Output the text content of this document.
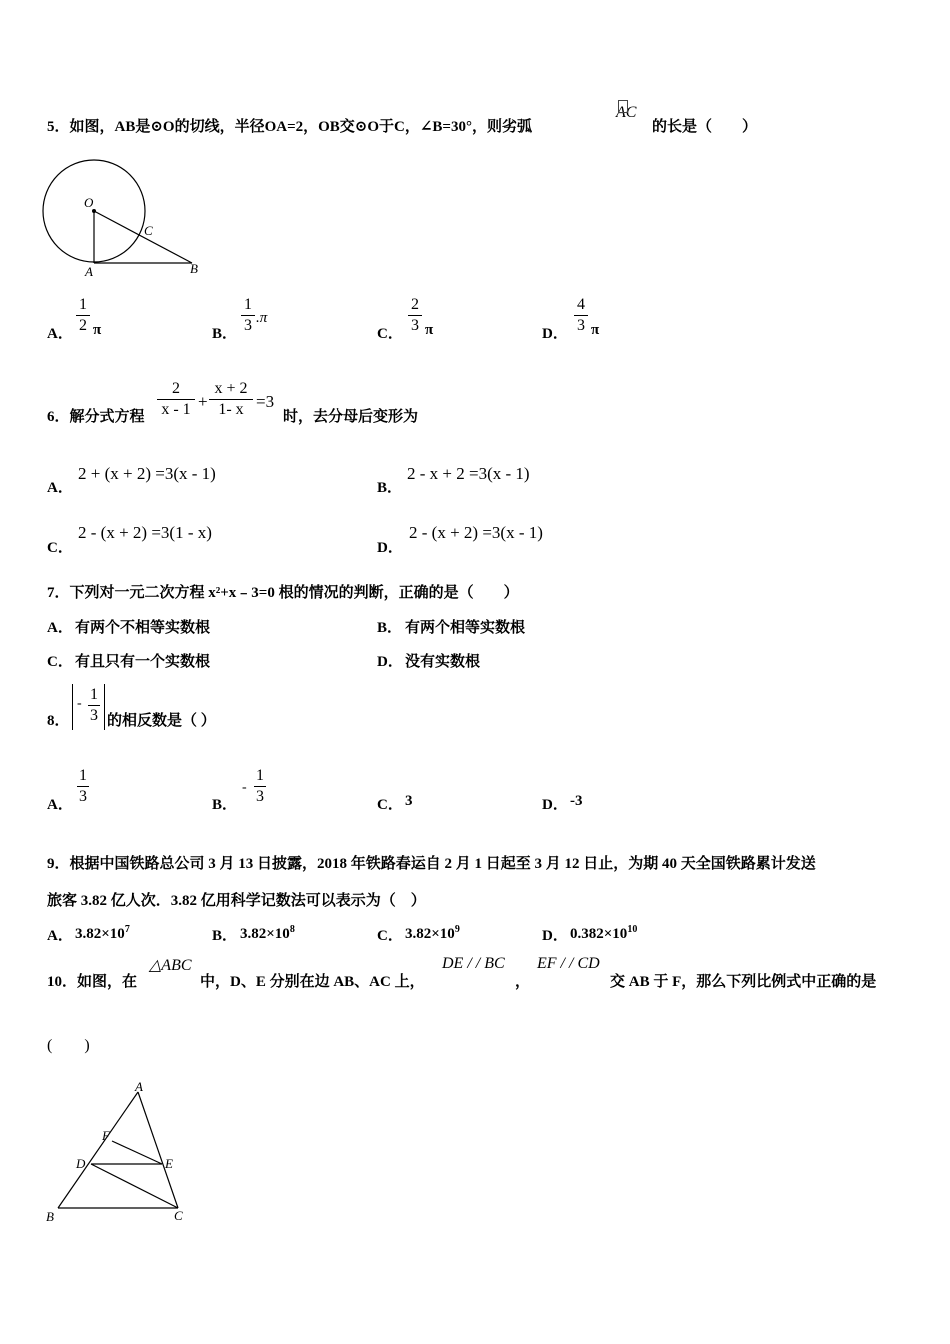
5．如图，AB是⊙O的切线，半径OA=2，OB交⊙O于C，∠B=30°，则劣弧
AC
的长是（　　）
O
C
A	B
A．
1
2 π	B．
1
3 .π
C．
2
3 π	D．
4
3 π
6．解分式方程
2
x - 1 +
x + 2
1- x =3
时，去分母后变形为
A．
2 + (x + 2) =3(x - 1)
B．
2 - x + 2 =3(x - 1)
C．
2 - (x + 2) =3(1 - x)
D．
2 - (x + 2) =3(x - 1)
7．下列对一元二次方程 x²+x﹣3=0 根的情况的判断，正确的是（　　）
A． 有两个不相等实数根	B． 有两个相等实数根
C． 有且只有一个实数根	D． 没有实数根
8．
-
1
3 的相反数是（ ）
A．
1
3	B．
-
1
3	C． 3	D． -3
9．根据中国铁路总公司 3 月 13 日披露，2018 年铁路春运自 2 月 1 日起至 3 月 12 日止，为期 40 天全国铁路累计发送
旅客 3.82 亿人次．3.82 亿用科学记数法可以表示为（　）
A． $3.82\times 10^7$	B． $3.82\times 10^8$	C． $3.82\times 10^9$	D． $0.382\times 10^{10}$
10．如图，在
△ABC
中，D、E 分别在边 AB、AC 上，
DE / / BC
，
EF / / CD
交 AB 于 F，那么下列比例式中正确的是
(　　)
A
F
D	E
B	C
